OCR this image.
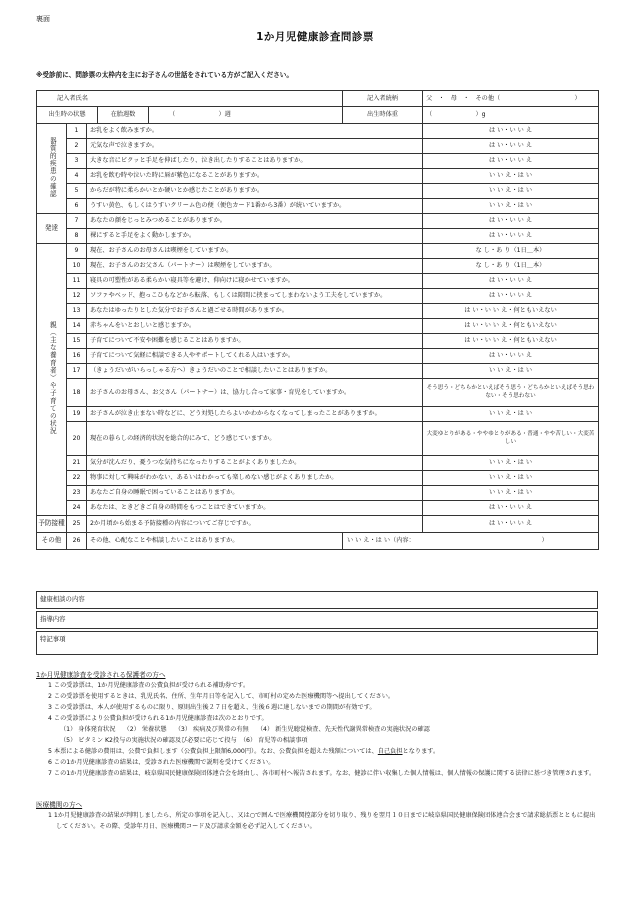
裏面
1か月児健康診査問診票
※受診前に、問診票の太枠内を主にお子さんの世話をされている方がご記入ください。
記入者氏名			記入者続柄	父　・　母　・　その他（　　　　　　　　　　　　）
出生時の状態 在胎週数 （　　　　　　　）週			出生時体重	（　　　　　　　）g
器質的疾患の確認	1	お乳をよく飲みますか。		は い・い い え
	2	元気な声で泣きますか。		は い・い い え
	3	大きな音にビクッと手足を伸ばしたり、泣き出したりすることはありますか。		は い・い い え
	4	お乳を飲む時や泣いた時に唇が紫色になることがありますか。		い い え・は い
	5	からだが特に柔らかいとか硬いとか感じたことがありますか。		い い え・は い
	6	うすい黄色、もしくはうすいクリーム色の便（便色カード1番から3番）が続いていますか。		い い え・は い
発達	7	あなたの顔をじっとみつめることがありますか。		は い・い い え
	8	裸にすると手足をよく動かしますか。		は い・い い え
親（主な養育者）や子育ての状況	9	現在、お子さんのお母さんは喫煙をしていますか。		な し・あ り（1日＿本）
	10	現在、お子さんのお父さん（パートナー）は喫煙をしていますか。		な し・あ り（1日＿本）
	11	寝具の可塑性がある柔らかい寝具等を避け、仰向けに寝かせていますか。		は い・い い え
	12	ソファやベッド、抱っこひもなどから転落、もしくは隙間に挟まってしまわないよう工夫をしていますか。		は い・い い え
	13	あなたはゆったりとした気分でお子さんと過ごせる時間がありますか。		は い・い い え・何ともいえない
	14	赤ちゃんをいとおしいと感じますか。		は い・い い え・何ともいえない
	15	子育てについて不安や困難を感じることはありますか。		は い・い い え・何ともいえない
	16	子育てについて気軽に相談できる人やサポートしてくれる人はいますか。		は い・い い え
	17	（きょうだいがいらっしゃる方へ）きょうだいのことで相談したいことはありますか。		い い え・は い
	18	お子さんのお母さん、お父さん（パートナー）は、協力し合って家事・育児をしていますか。		そう思う・どちらかといえばそう思う・どちらかといえばそう思わない・そう思わない
	19	お子さんが泣き止まない時などに、どう対処したらよいかわからなくなってしまったことがありますか。		い い え・は い
	20	現在の暮らしの経済的状況を総合的にみて、どう感じていますか。		大変ゆとりがある・ややゆとりがある・普通・やや苦しい・大変苦しい
	21	気分が沈んだり、憂うつな気持ちになったりすることがよくありましたか。		い い え・は い
	22	物事に対して興味がわかない、あるいはわかっても楽しめない感じがよくありましたか。		い い え・は い
	23	あなたご自身の睡眠で困っていることはありますか。		い い え・は い
	24	あなたは、ときどきご自身の時間をもつことはできていますか。		は い・い い え
予防接種	25	2か月頃から始まる予防接種の内容についてご存じですか。		は い・い い え
その他	26	その他、心配なことや相談したいことはありますか。	い い え・は い（内容：　　　　　　　　　　　　　　　　　　　　　）	
健康相談の内容
指導内容
特記事項
1か月児健康診査を受診される保護者の方へ
1 この受診票は、1か月児健康診査の公費負担が受けられる補助券です。
2 この受診票を使用するときは、乳児氏名、住所、生年月日等を記入して、市町村の定めた医療機関等へ提出してください。
3 この受診票は、本人が使用するものに限り、原則出生後２７日を超え、生後６週に達しないまでの期間が有効です。
4 この受診票により公費負担が受けられる1か月児健康診査は次のとおりです。
（1） 身体発育状況　 （2） 栄養状態　 （3） 疾病及び異常の有無　 （4） 新生児聴覚検査、先天性代謝異常検査の実施状況の確認
（5） ビタミン K2投与の実施状況の確認及び必要に応じて投与　（6） 育児等の相談事項
5 本票による健診の費用は、公費で負担します（公費負担上限額6,000円）。なお、公費負担を超えた残額については、自己負担となります。
6 この1か月児健康診査の結果は、受診された医療機関で説明を受けてください。
7 この1か月児健康診査の結果は、岐阜県国民健康保険団体連合会を経由し、各市町村へ報告されます。なお、健診に伴い収集した個人情報は、個人情報の保護に関する法律に基づき管理されます。
医療機関の方へ
1 1か月児健康診査の結果が判明しましたら、所定の事項を記入し、又は○で囲んで医療機関控部分を切り取り、残りを翌月１０日までに岐阜県国民健康保険団体連合会まで請求総括票とともに提出してください。その際、受診年月日、医療機関コード及び請求金額を必ず記入してください。
